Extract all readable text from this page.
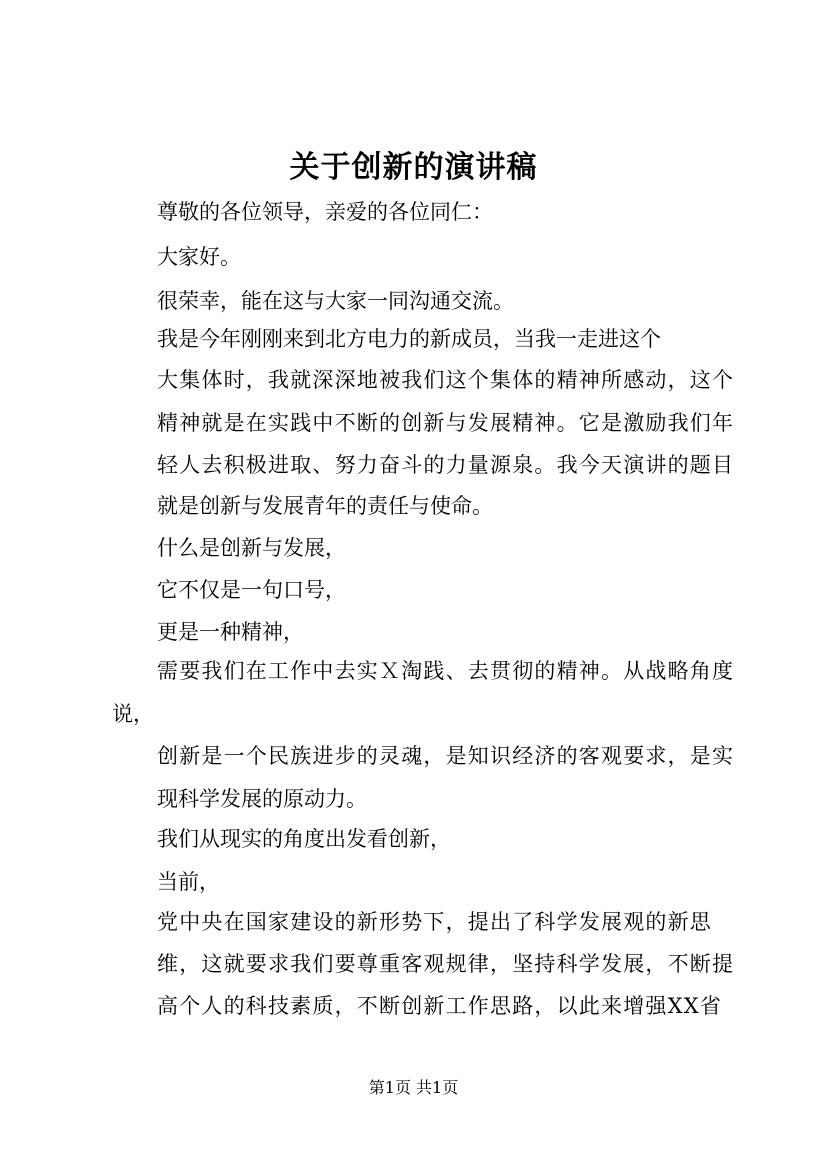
关于创新的演讲稿
尊敬的各位领导，亲爱的各位同仁：
大家好。
很荣幸，能在这与大家一同沟通交流。
我是今年刚刚来到北方电力的新成员，当我一走进这个
大集体时，我就深深地被我们这个集体的精神所感动，这个
精神就是在实践中不断的创新与发展精神。它是激励我们年
轻人去积极进取、努力奋斗的力量源泉。我今天演讲的题目
就是创新与发展青年的责任与使命。
什么是创新与发展，
它不仅是一句口号，
更是一种精神，
需要我们在工作中去实Ｘ淘践、去贯彻的精神。从战略角度
说，
创新是一个民族进步的灵魂，是知识经济的客观要求，是实
现科学发展的原动力。
我们从现实的角度出发看创新，
当前，
党中央在国家建设的新形势下，提出了科学发展观的新思
维，这就要求我们要尊重客观规律，坚持科学发展，不断提
高个人的科技素质，不断创新工作思路，以此来增强XX省
第1页 共1页
